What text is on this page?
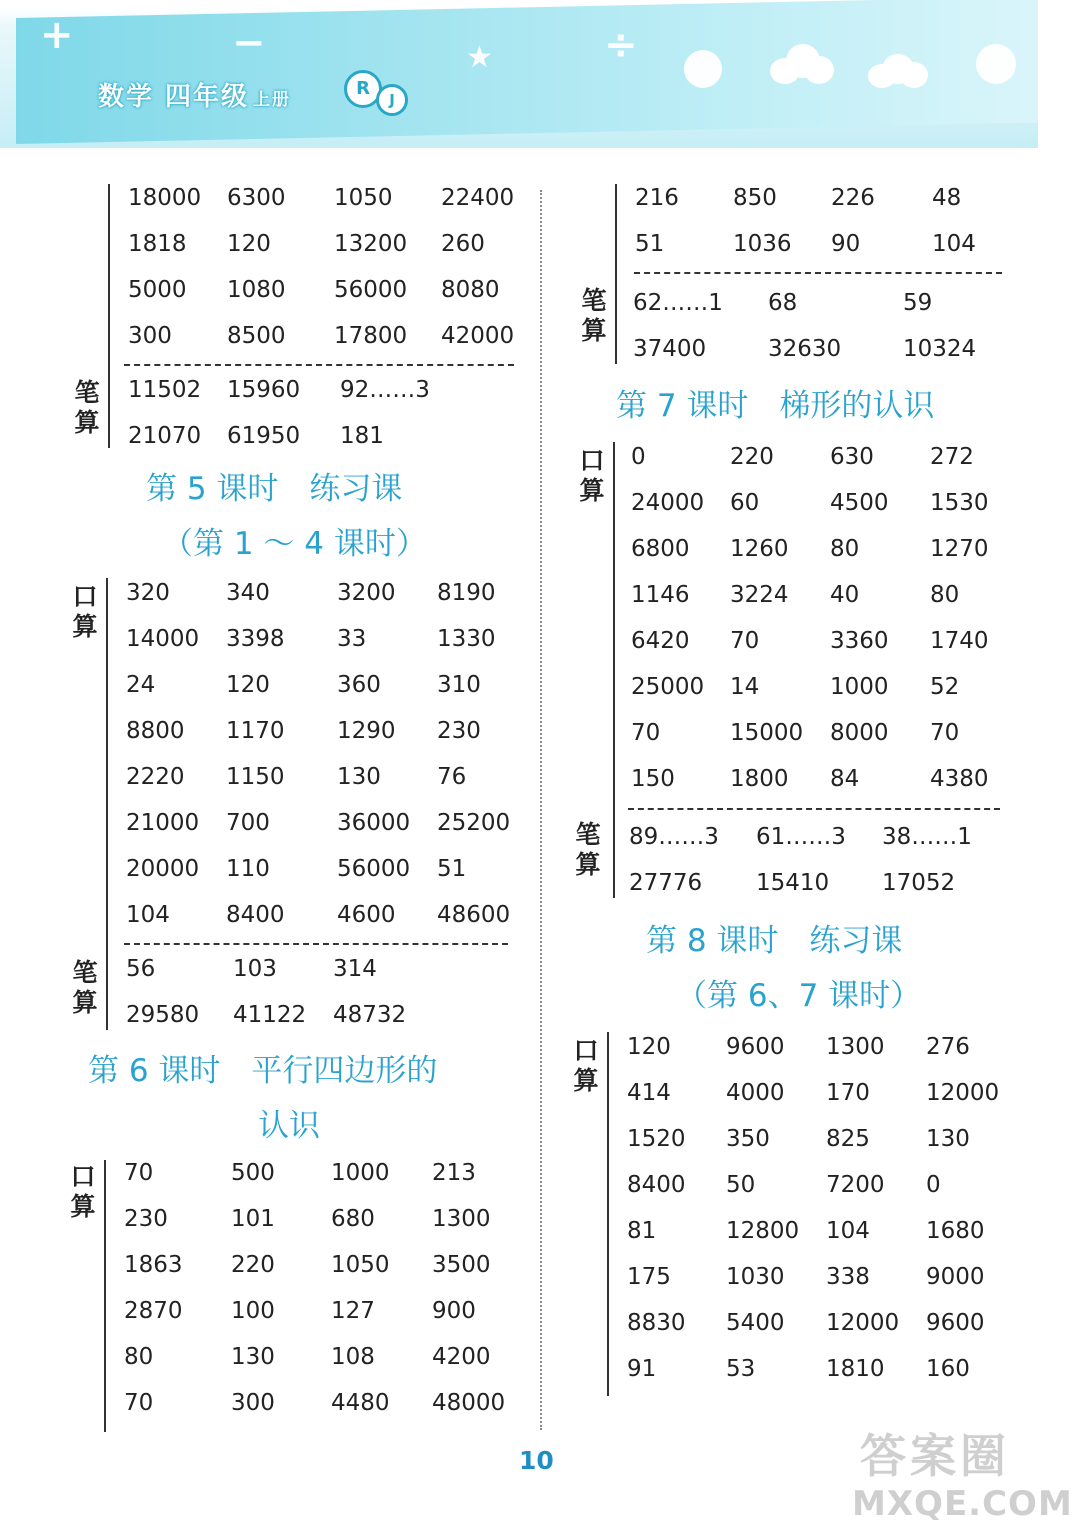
+	−	★	÷
数学 四年级 上册
R
J
笔算
口算
笔算
口算
笔算
口算
笔算
口算
第 5 课时　练习课
（第 1 ～ 4 课时）
第 6 课时　平行四边形的
认识
第 7 课时　梯形的认识
第 8 课时　练习课
（第 6、7 课时）
18000 6300 1050 22400
1818 120	13200 260
5000 1080 56000 8080
300 8500 17800 42000
11502 15960 92……3
21070 61950 181
320 340	3200 8190
14000 3398 33	1330
24	120	360 310
8800 1170 1290 230
2220 1150 130 76
21000 700	36000 25200
20000 110	56000 51
104 8400 4600 48600
56	103 314
29580 41122 48732
70	500 1000 213
230	101 680 1300
1863 220 1050 3500
2870 100 127 900
80	130 108 4200
70	300 4480 48000
216 850 226 48
51	1036 90	104
62……1 68	59
37400	32630	10324
0	220 630 272
24000 60	4500 1530
6800 1260 80	1270
1146 3224 40	80
6420 70	3360 1740
25000 14	1000 52
70	15000 8000 70
150 1800 84	4380
89……3 61……3 38……1
27776 15410 17052
120 9600 1300 276
414 4000 170 12000
1520 350 825 130
8400 50	7200 0
81	12800 104 1680
175 1030 338 9000
8830 5400 12000 9600
91	53	1810 160
10	答案圈
MXQE.COM
